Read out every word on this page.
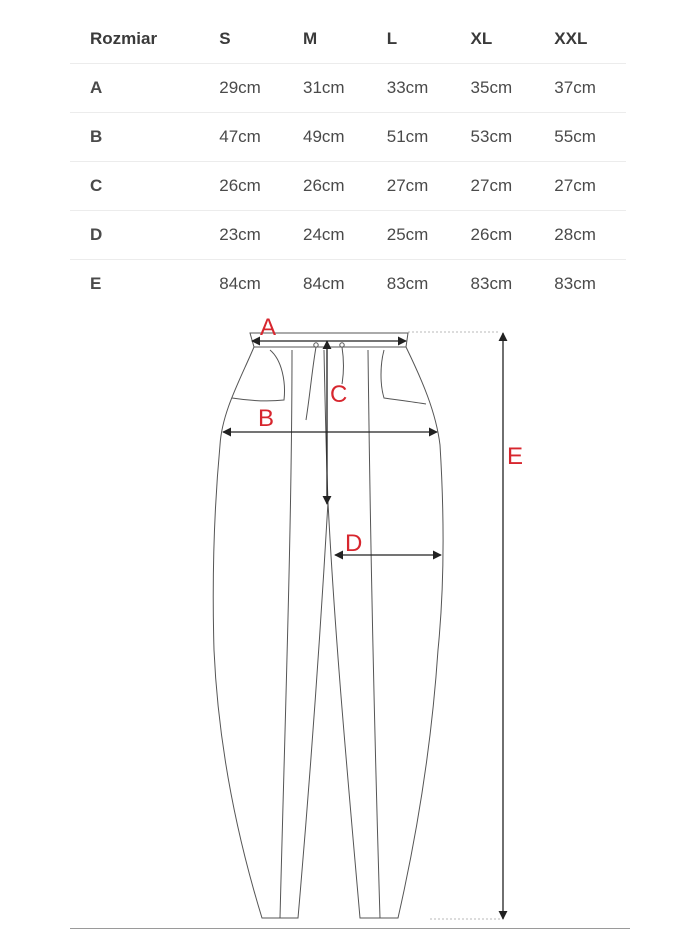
Rozmiar	S	M	L	XL	XXL
A	29cm	31cm	33cm	35cm	37cm
B	47cm	49cm	51cm	53cm	55cm
C	26cm	26cm	27cm	27cm	27cm
D	23cm	24cm	25cm	26cm	28cm
E	84cm	84cm	83cm	83cm	83cm
A
B
C
D
E
